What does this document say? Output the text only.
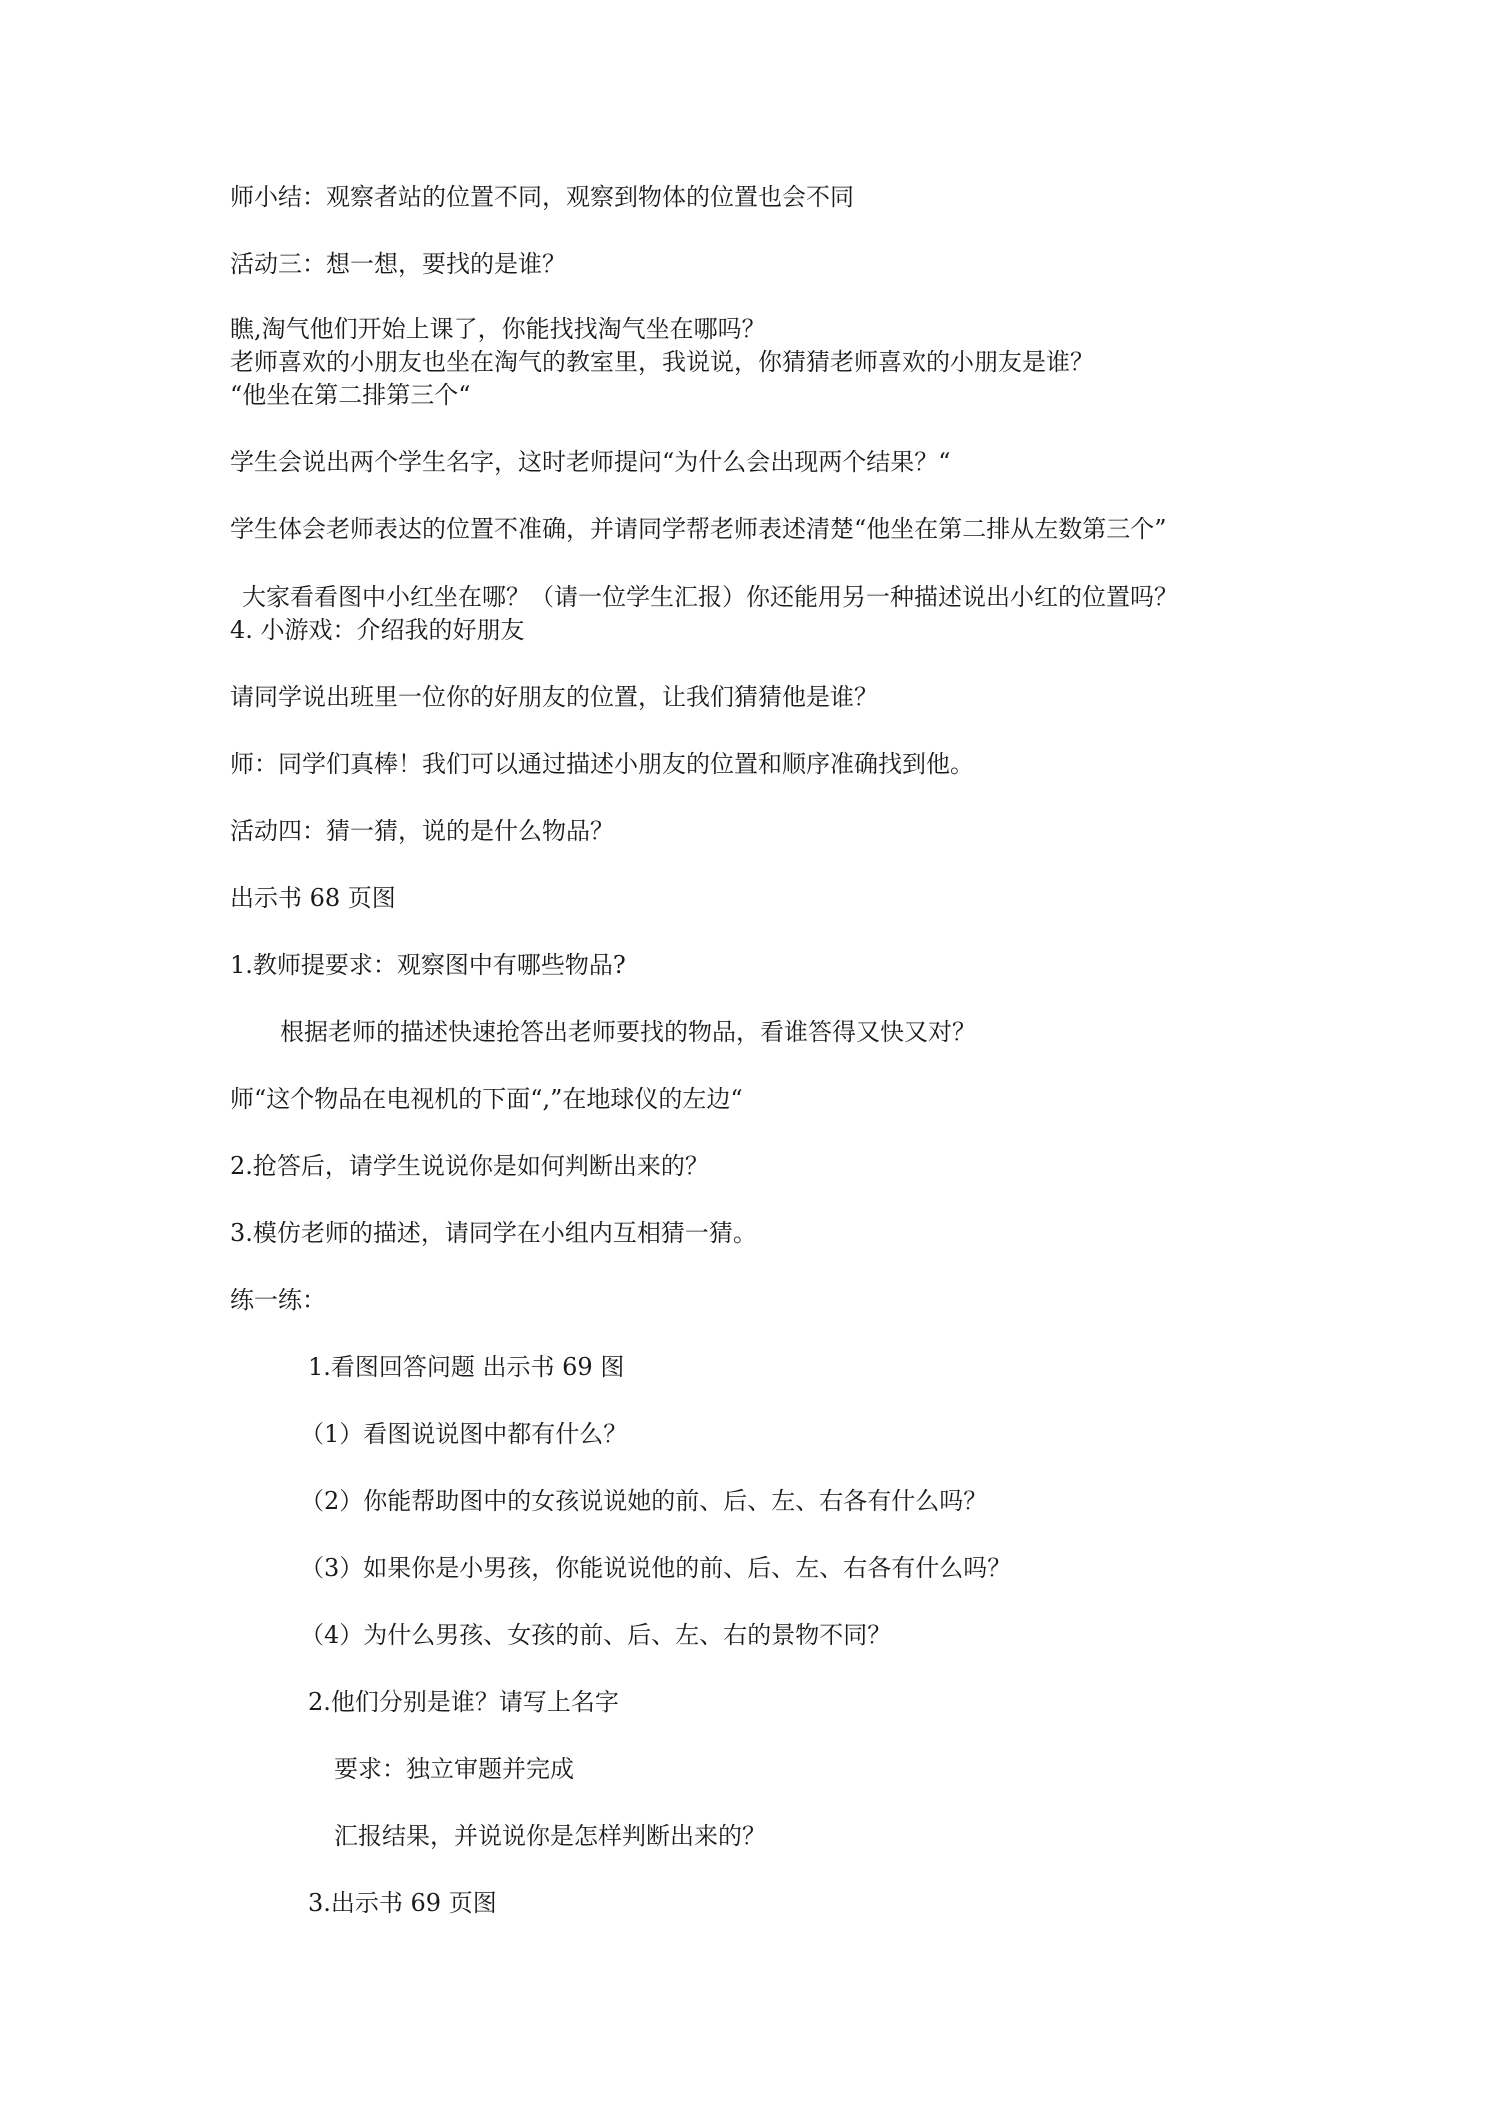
师小结：观察者站的位置不同，观察到物体的位置也会不同
活动三：想一想，要找的是谁？
瞧,淘气他们开始上课了，你能找找淘气坐在哪吗？
老师喜欢的小朋友也坐在淘气的教室里，我说说，你猜猜老师喜欢的小朋友是谁？
“他坐在第二排第三个“
学生会说出两个学生名字，这时老师提问“为什么会出现两个结果？“
学生体会老师表达的位置不准确，并请同学帮老师表述清楚“他坐在第二排从左数第三个”
大家看看图中小红坐在哪？（请一位学生汇报）你还能用另一种描述说出小红的位置吗？
4. 小游戏：介绍我的好朋友
请同学说出班里一位你的好朋友的位置，让我们猜猜他是谁？
师：同学们真棒！我们可以通过描述小朋友的位置和顺序准确找到他。
活动四：猜一猜，说的是什么物品？
出示书 68 页图
1.教师提要求：观察图中有哪些物品?
根据老师的描述快速抢答出老师要找的物品，看谁答得又快又对？
师“这个物品在电视机的下面“,”在地球仪的左边“
2.抢答后，请学生说说你是如何判断出来的？
3.模仿老师的描述，请同学在小组内互相猜一猜。
练一练：
1.看图回答问题 出示书 69 图
（1）看图说说图中都有什么？
（2）你能帮助图中的女孩说说她的前、后、左、右各有什么吗？
（3）如果你是小男孩，你能说说他的前、后、左、右各有什么吗？
（4）为什么男孩、女孩的前、后、左、右的景物不同？
2.他们分别是谁？请写上名字
要求：独立审题并完成
汇报结果，并说说你是怎样判断出来的？
3.出示书 69 页图
